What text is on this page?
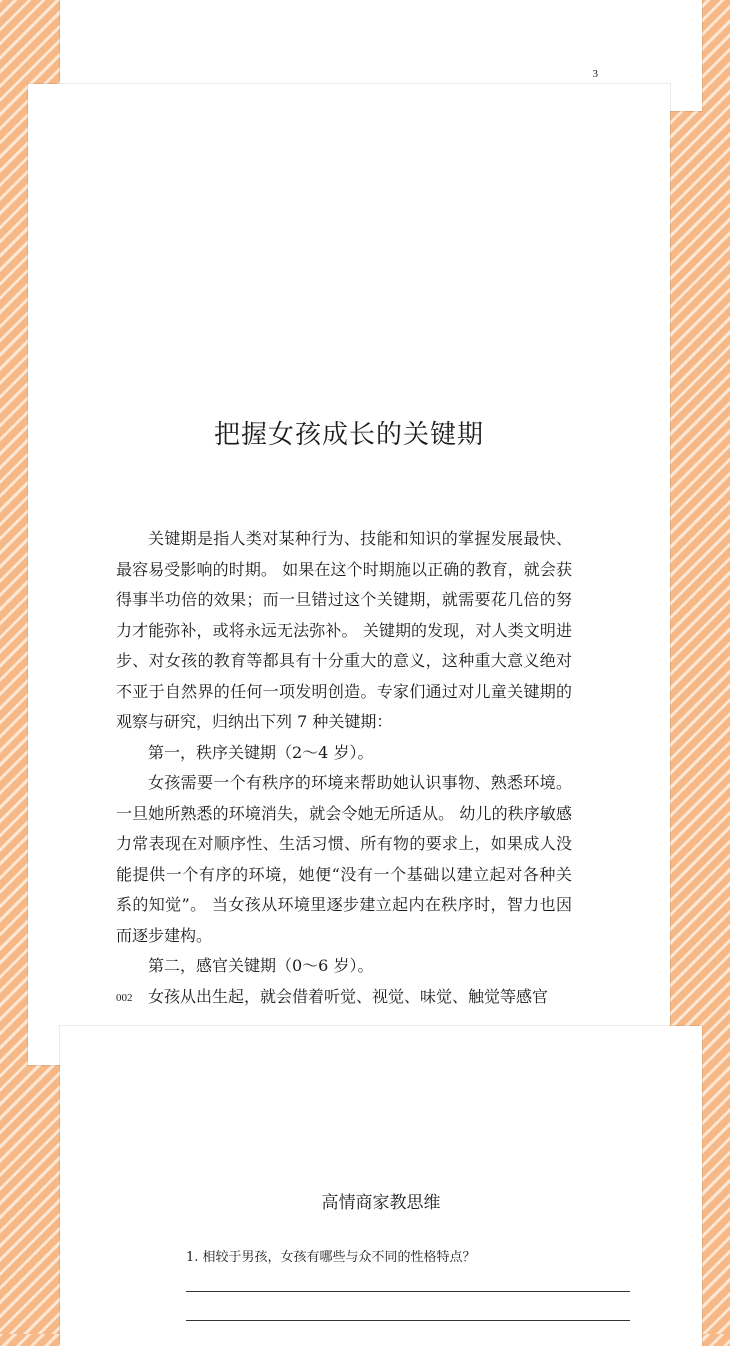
3
把握女孩成长的关键期

关键期是指人类对某种行为、技能和知识的掌握发展最快、最容易受影响的时期。 如果在这个时期施以正确的教育，就会获得事半功倍的效果；而一旦错过这个关键期，就需要花几倍的努力才能弥补，或将永远无法弥补。 关键期的发现，对人类文明进步、对女孩的教育等都具有十分重大的意义，这种重大意义绝对不亚于自然界的任何一项发明创造。专家们通过对儿童关键期的观察与研究，归纳出下列 7 种关键期：

第一，秩序关键期（2～4 岁）。

女孩需要一个有秩序的环境来帮助她认识事物、熟悉环境。 一旦她所熟悉的环境消失，就会令她无所适从。 幼儿的秩序敏感力常表现在对顺序性、生活习惯、所有物的要求上，如果成人没能提供一个有序的环境，她便“没有一个基础以建立起对各种关系的知觉”。 当女孩从环境里逐步建立起内在秩序时，智力也因而逐步建构。

第二，感官关键期（0～6 岁）。

女孩从出生起，就会借着听觉、视觉、味觉、触觉等感官

002
高情商家教思维
1. 相较于男孩，女孩有哪些与众不同的性格特点？
